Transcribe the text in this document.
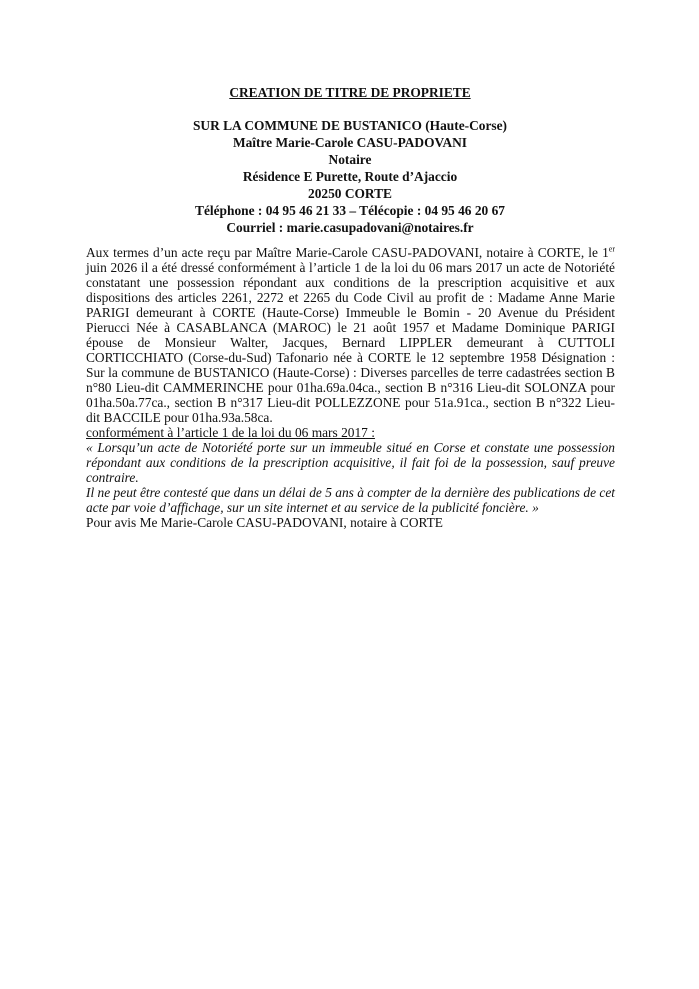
CREATION DE TITRE DE PROPRIETE
SUR LA COMMUNE DE BUSTANICO (Haute-Corse)
Maître Marie-Carole CASU-PADOVANI
Notaire
Résidence E Purette, Route d’Ajaccio
20250 CORTE
Téléphone : 04 95 46 21 33 – Télécopie : 04 95 46 20 67
Courriel : marie.casupadovani@notaires.fr

Aux termes d’un acte reçu par Maître Marie-Carole CASU-PADOVANI, notaire à CORTE, le 1er juin 2026 il a été dressé conformément à l’article 1 de la loi du 06 mars 2017 un acte de Notoriété constatant une possession répondant aux conditions de la prescription acquisitive et aux dispositions des articles 2261, 2272 et 2265 du Code Civil au profit de : Madame Anne Marie PARIGI demeurant à CORTE (Haute-Corse) Immeuble le Bomin - 20 Avenue du Président Pierucci Née à CASABLANCA (MAROC) le 21 août 1957 et Madame Dominique PARIGI épouse de Monsieur Walter, Jacques, Bernard LIPPLER demeurant à CUTTOLI CORTICCHIATO (Corse-du-Sud) Tafonario née à CORTE le 12 septembre 1958 Désignation : Sur la commune de BUSTANICO (Haute-Corse) : Diverses parcelles de terre cadastrées section B n°80 Lieu-dit CAMMERINCHE pour 01ha.69a.04ca., section B n°316 Lieu-dit SOLONZA pour 01ha.50a.77ca., section B n°317 Lieu-dit POLLEZZONE pour 51a.91ca., section B n°322 Lieu-dit BACCILE pour 01ha.93a.58ca.

conformément à l’article 1 de la loi du 06 mars 2017 :

« Lorsqu’un acte de Notoriété porte sur un immeuble situé en Corse et constate une possession répondant aux conditions de la prescription acquisitive, il fait foi de la possession, sauf preuve contraire.

Il ne peut être contesté que dans un délai de 5 ans à compter de la dernière des publications de cet acte par voie d’affichage, sur un site internet et au service de la publicité foncière. »

Pour avis Me Marie-Carole CASU-PADOVANI, notaire à CORTE
